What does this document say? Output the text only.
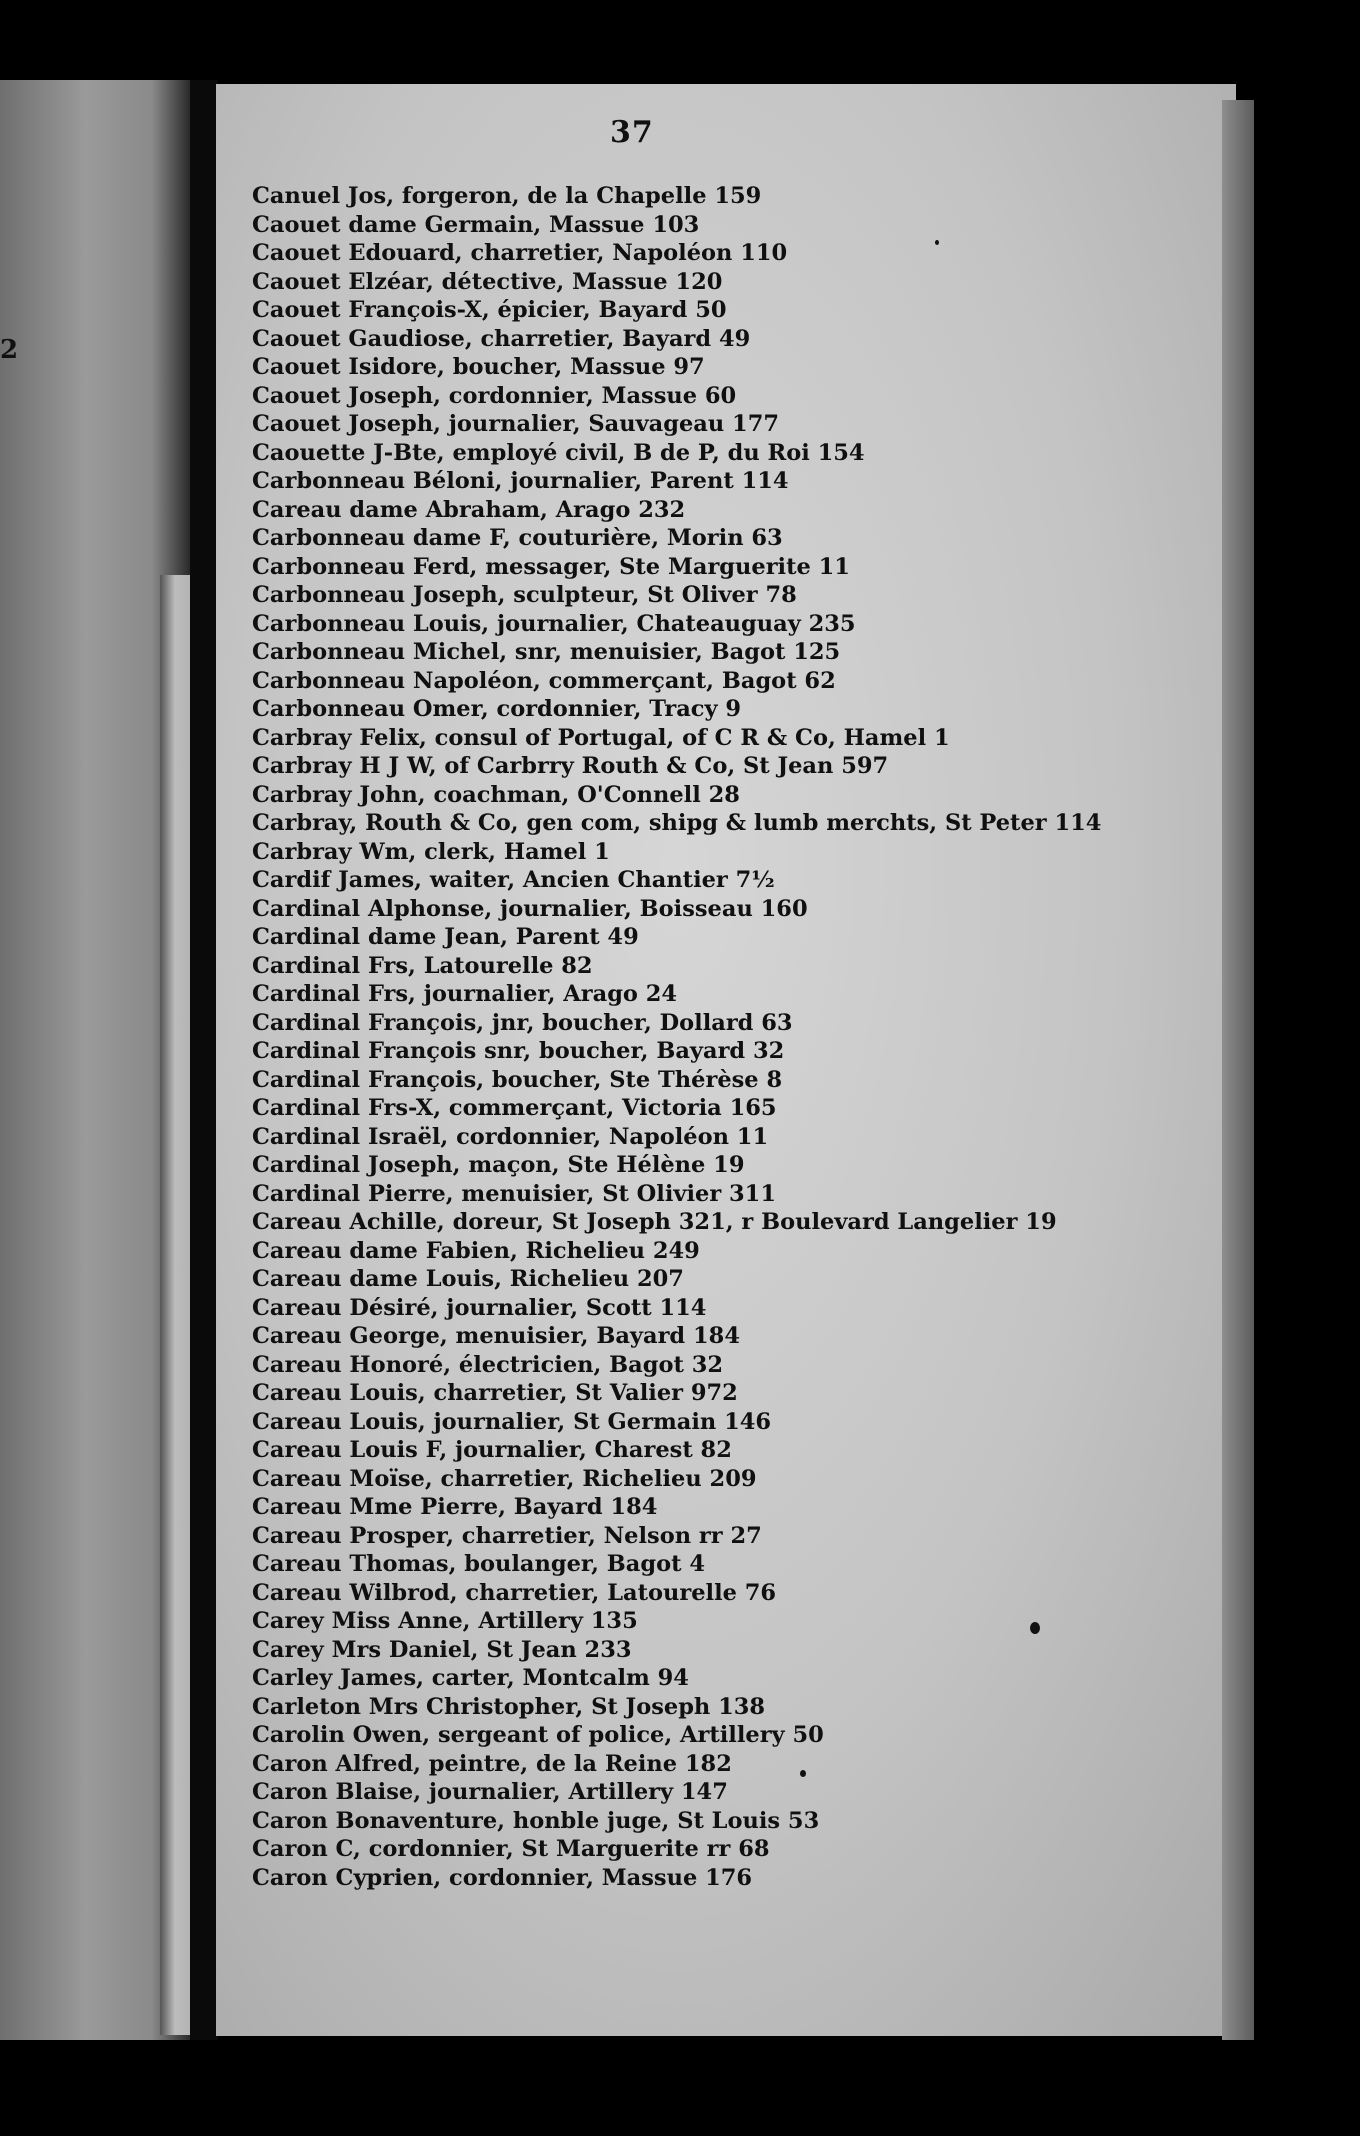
2
37
Canuel Jos, forgeron, de la Chapelle 159
Caouet dame Germain, Massue 103
Caouet Edouard, charretier, Napoléon 110
Caouet Elzéar, détective, Massue 120
Caouet François-X, épicier, Bayard 50
Caouet Gaudiose, charretier, Bayard 49
Caouet Isidore, boucher, Massue 97
Caouet Joseph, cordonnier, Massue 60
Caouet Joseph, journalier, Sauvageau 177
Caouette J-Bte, employé civil, B de P, du Roi 154
Carbonneau Béloni, journalier, Parent 114
Careau dame Abraham, Arago 232
Carbonneau dame F, couturière, Morin 63
Carbonneau Ferd, messager, Ste Marguerite 11
Carbonneau Joseph, sculpteur, St Oliver 78
Carbonneau Louis, journalier, Chateauguay 235
Carbonneau Michel, snr, menuisier, Bagot 125
Carbonneau Napoléon, commerçant, Bagot 62
Carbonneau Omer, cordonnier, Tracy 9
Carbray Felix, consul of Portugal, of C R & Co, Hamel 1
Carbray H J W, of Carbrry Routh & Co, St Jean 597
Carbray John, coachman, O'Connell 28
Carbray, Routh & Co, gen com, shipg & lumb merchts, St Peter 114
Carbray Wm, clerk, Hamel 1
Cardif James, waiter, Ancien Chantier 7½
Cardinal Alphonse, journalier, Boisseau 160
Cardinal dame Jean, Parent 49
Cardinal Frs, Latourelle 82
Cardinal Frs, journalier, Arago 24
Cardinal François, jnr, boucher, Dollard 63
Cardinal François snr, boucher, Bayard 32
Cardinal François, boucher, Ste Thérèse 8
Cardinal Frs-X, commerçant, Victoria 165
Cardinal Israël, cordonnier, Napoléon 11
Cardinal Joseph, maçon, Ste Hélène 19
Cardinal Pierre, menuisier, St Olivier 311
Careau Achille, doreur, St Joseph 321, r Boulevard Langelier 19
Careau dame Fabien, Richelieu 249
Careau dame Louis, Richelieu 207
Careau Désiré, journalier, Scott 114
Careau George, menuisier, Bayard 184
Careau Honoré, électricien, Bagot 32
Careau Louis, charretier, St Valier 972
Careau Louis, journalier, St Germain 146
Careau Louis F, journalier, Charest 82
Careau Moïse, charretier, Richelieu 209
Careau Mme Pierre, Bayard 184
Careau Prosper, charretier, Nelson rr 27
Careau Thomas, boulanger, Bagot 4
Careau Wilbrod, charretier, Latourelle 76
Carey Miss Anne, Artillery 135
Carey Mrs Daniel, St Jean 233
Carley James, carter, Montcalm 94
Carleton Mrs Christopher, St Joseph 138
Carolin Owen, sergeant of police, Artillery 50
Caron Alfred, peintre, de la Reine 182
Caron Blaise, journalier, Artillery 147
Caron Bonaventure, honble juge, St Louis 53
Caron C, cordonnier, St Marguerite rr 68
Caron Cyprien, cordonnier, Massue 176
